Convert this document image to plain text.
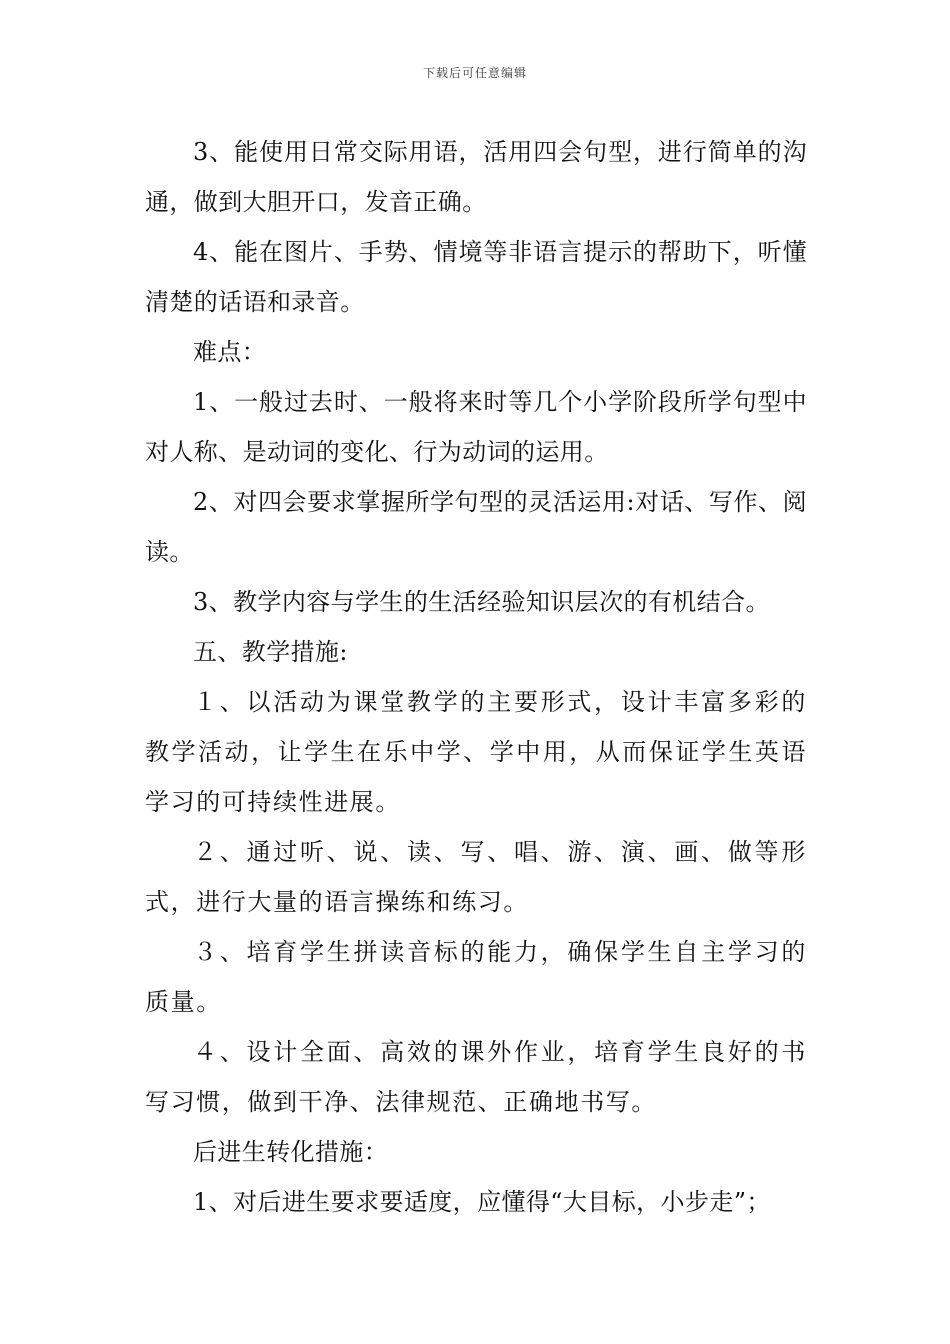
下载后可任意编辑

3、能使用日常交际用语，活用四会句型，进行简单的沟通，做到大胆开口，发音正确。

4、能在图片、手势、情境等非语言提示的帮助下，听懂清楚的话语和录音。

难点：

1、一般过去时、一般将来时等几个小学阶段所学句型中对人称、是动词的变化、行为动词的运用。

2、对四会要求掌握所学句型的灵活运用:对话、写作、阅读。

3、教学内容与学生的生活经验知识层次的有机结合。

五、教学措施:

１、以活动为课堂教学的主要形式，设计丰富多彩的教学活动，让学生在乐中学、学中用，从而保证学生英语学习的可持续性进展。

２、通过听、说、读、写、唱、游、演、画、做等形式，进行大量的语言操练和练习。

３、培育学生拼读音标的能力，确保学生自主学习的质量。

４、设计全面、高效的课外作业，培育学生良好的书写习惯，做到干净、法律规范、正确地书写。

后进生转化措施：

1、对后进生要求要适度，应懂得“大目标，小步走”；
